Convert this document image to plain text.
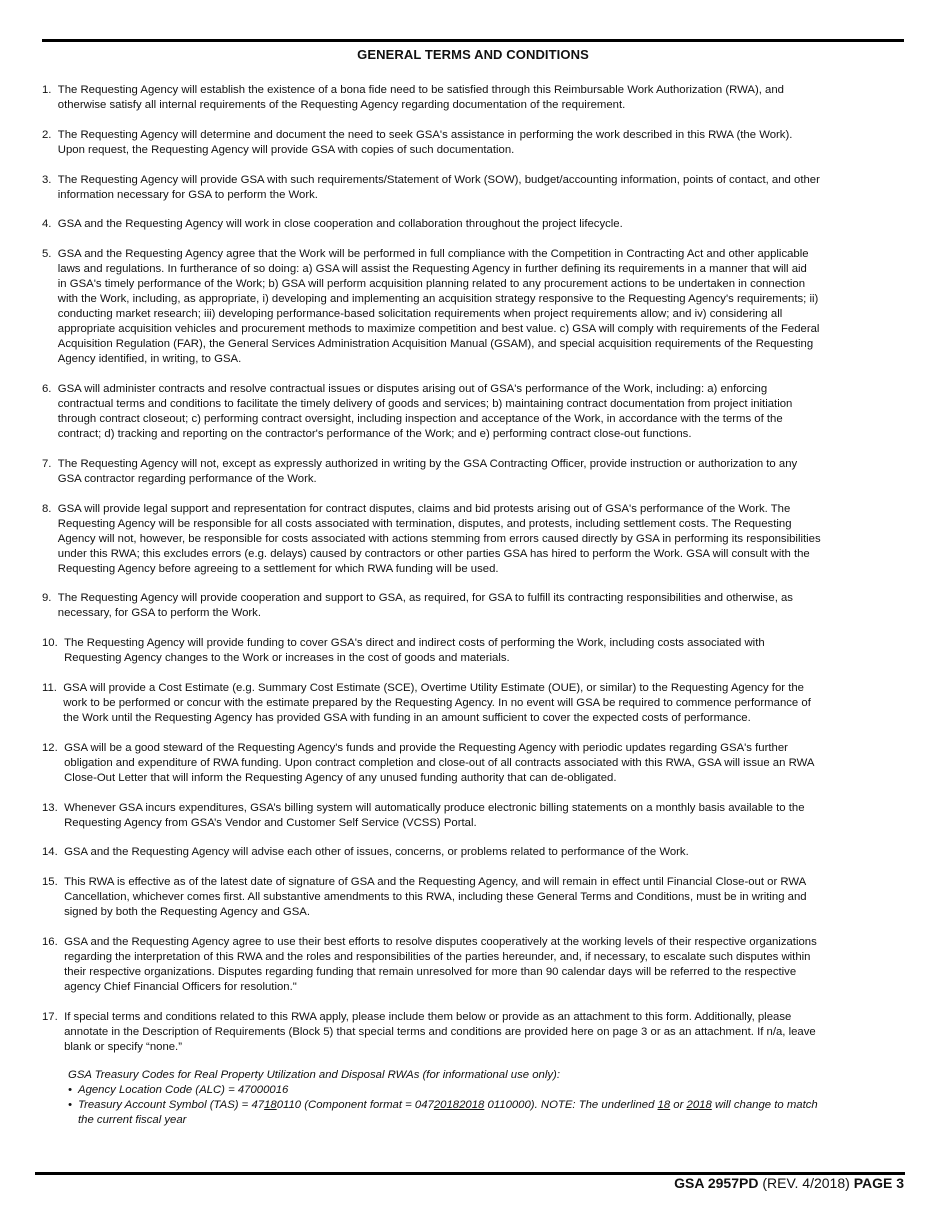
GENERAL TERMS AND CONDITIONS
1. The Requesting Agency will establish the existence of a bona fide need to be satisfied through this Reimbursable Work Authorization (RWA), and
otherwise satisfy all internal requirements of the Requesting Agency regarding documentation of the requirement.
2. The Requesting Agency will determine and document the need to seek GSA's assistance in performing the work described in this RWA (the Work).
Upon request, the Requesting Agency will provide GSA with copies of such documentation.
3. The Requesting Agency will provide GSA with such requirements/Statement of Work (SOW), budget/accounting information, points of contact, and other
information necessary for GSA to perform the Work.
4. GSA and the Requesting Agency will work in close cooperation and collaboration throughout the project lifecycle.
5. GSA and the Requesting Agency agree that the Work will be performed in full compliance with the Competition in Contracting Act and other applicable
laws and regulations. In furtherance of so doing: a) GSA will assist the Requesting Agency in further defining its requirements in a manner that will aid
in GSA's timely performance of the Work; b) GSA will perform acquisition planning related to any procurement actions to be undertaken in connection
with the Work, including, as appropriate, i) developing and implementing an acquisition strategy responsive to the Requesting Agency's requirements; ii)
conducting market research; iii) developing performance-based solicitation requirements when project requirements allow; and iv) considering all
appropriate acquisition vehicles and procurement methods to maximize competition and best value. c) GSA will comply with requirements of the Federal
Acquisition Regulation (FAR), the General Services Administration Acquisition Manual (GSAM), and special acquisition requirements of the Requesting
Agency identified, in writing, to GSA.
6. GSA will administer contracts and resolve contractual issues or disputes arising out of GSA's performance of the Work, including: a) enforcing
contractual terms and conditions to facilitate the timely delivery of goods and services; b) maintaining contract documentation from project initiation
through contract closeout; c) performing contract oversight, including inspection and acceptance of the Work, in accordance with the terms of the
contract; d) tracking and reporting on the contractor's performance of the Work; and e) performing contract close-out functions.
7. The Requesting Agency will not, except as expressly authorized in writing by the GSA Contracting Officer, provide instruction or authorization to any
GSA contractor regarding performance of the Work.
8. GSA will provide legal support and representation for contract disputes, claims and bid protests arising out of GSA's performance of the Work. The
Requesting Agency will be responsible for all costs associated with termination, disputes, and protests, including settlement costs. The Requesting
Agency will not, however, be responsible for costs associated with actions stemming from errors caused directly by GSA in performing its responsibilities
under this RWA; this excludes errors (e.g. delays) caused by contractors or other parties GSA has hired to perform the Work. GSA will consult with the
Requesting Agency before agreeing to a settlement for which RWA funding will be used.
9. The Requesting Agency will provide cooperation and support to GSA, as required, for GSA to fulfill its contracting responsibilities and otherwise, as
necessary, for GSA to perform the Work.
10. The Requesting Agency will provide funding to cover GSA's direct and indirect costs of performing the Work, including costs associated with
Requesting Agency changes to the Work or increases in the cost of goods and materials.
11. GSA will provide a Cost Estimate (e.g. Summary Cost Estimate (SCE), Overtime Utility Estimate (OUE), or similar) to the Requesting Agency for the
work to be performed or concur with the estimate prepared by the Requesting Agency. In no event will GSA be required to commence performance of
the Work until the Requesting Agency has provided GSA with funding in an amount sufficient to cover the expected costs of performance.
12. GSA will be a good steward of the Requesting Agency's funds and provide the Requesting Agency with periodic updates regarding GSA's further
obligation and expenditure of RWA funding. Upon contract completion and close-out of all contracts associated with this RWA, GSA will issue an RWA
Close-Out Letter that will inform the Requesting Agency of any unused funding authority that can de-obligated.
13. Whenever GSA incurs expenditures, GSA’s billing system will automatically produce electronic billing statements on a monthly basis available to the
Requesting Agency from GSA’s Vendor and Customer Self Service (VCSS) Portal.
14. GSA and the Requesting Agency will advise each other of issues, concerns, or problems related to performance of the Work.
15. This RWA is effective as of the latest date of signature of GSA and the Requesting Agency, and will remain in effect until Financial Close-out or RWA
Cancellation, whichever comes first. All substantive amendments to this RWA, including these General Terms and Conditions, must be in writing and
signed by both the Requesting Agency and GSA.
16. GSA and the Requesting Agency agree to use their best efforts to resolve disputes cooperatively at the working levels of their respective organizations
regarding the interpretation of this RWA and the roles and responsibilities of the parties hereunder, and, if necessary, to escalate such disputes within
their respective organizations. Disputes regarding funding that remain unresolved for more than 90 calendar days will be referred to the respective
agency Chief Financial Officers for resolution."
17. If special terms and conditions related to this RWA apply, please include them below or provide as an attachment to this form. Additionally, please
annotate in the Description of Requirements (Block 5) that special terms and conditions are provided here on page 3 or as an attachment. If n/a, leave
blank or specify “none.”
GSA Treasury Codes for Real Property Utilization and Disposal RWAs (for informational use only):
• Agency Location Code (ALC) = 47000016
• Treasury Account Symbol (TAS) = 47180110 (Component format = 04720182018 0110000). NOTE: The underlined 18 or 2018 will change to match
the current fiscal year
GSA 2957PD (REV. 4/2018) PAGE 3
